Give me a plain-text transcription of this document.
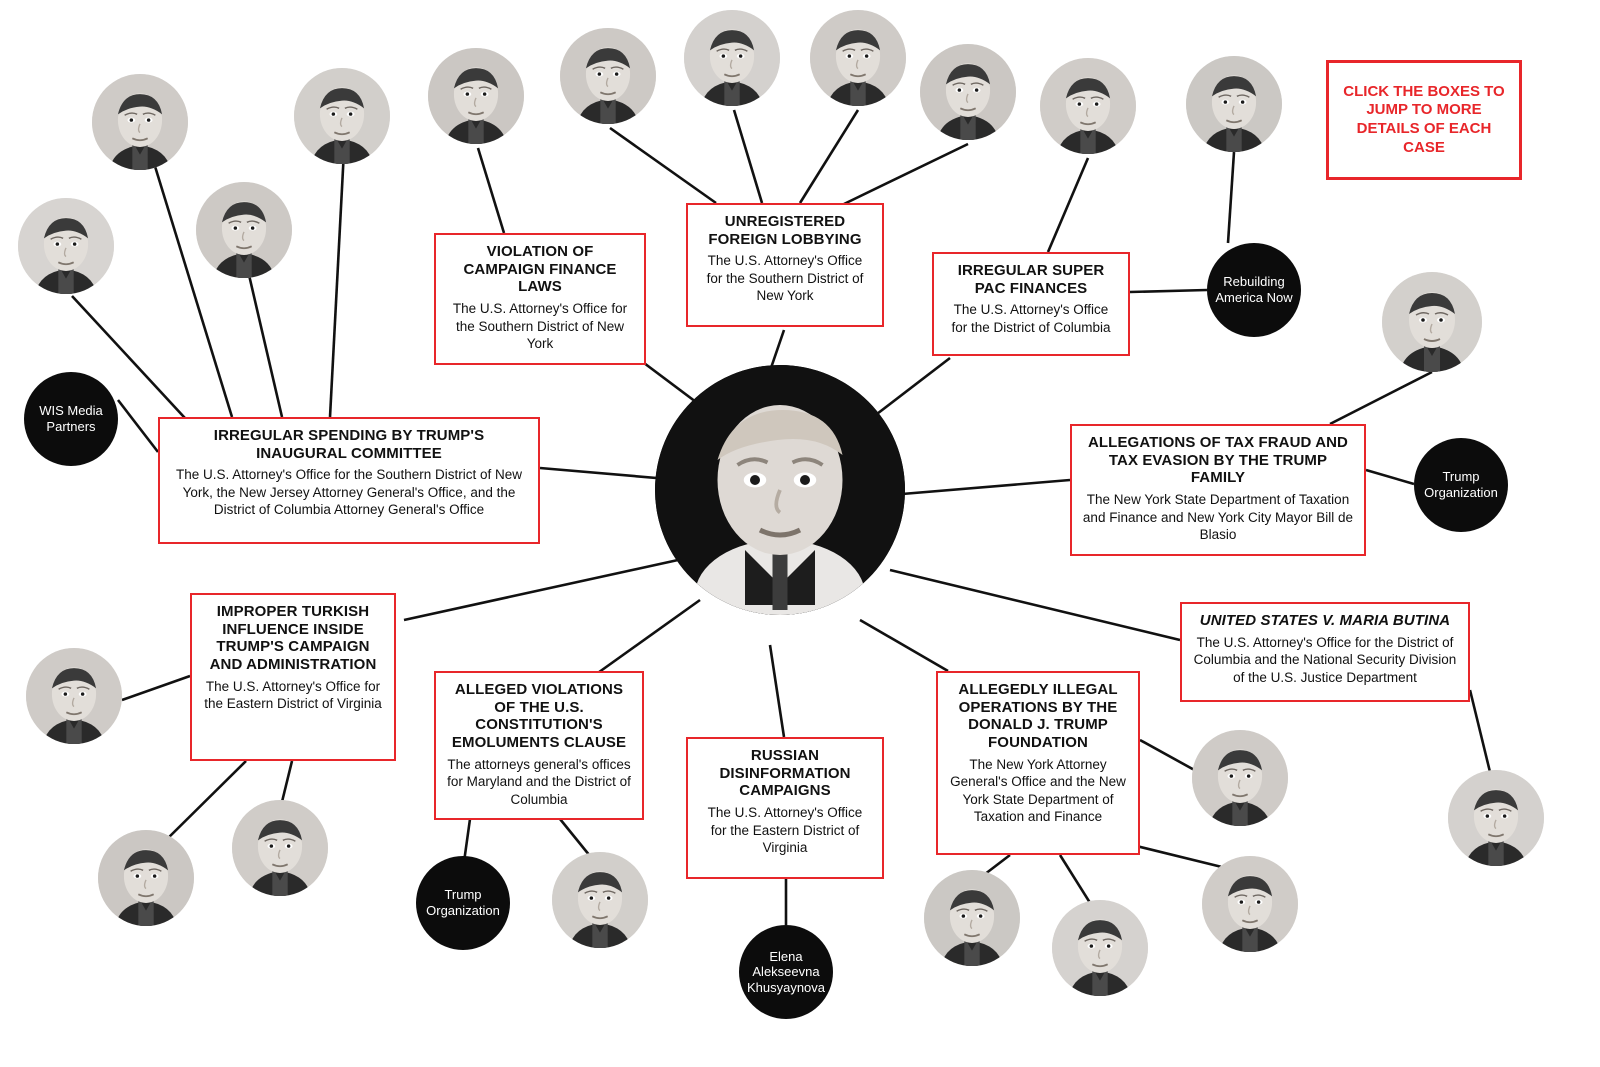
CLICK THE BOXES TO JUMP TO MORE DETAILS OF EACH CASE
VIOLATION OF CAMPAIGN FINANCE LAWS
The U.S. Attorney's Office for the Southern District of New York
UNREGISTERED FOREIGN LOBBYING
The U.S. Attorney's Office for the Southern District of New York
IRREGULAR SUPER PAC FINANCES
The U.S. Attorney's Office for the District of Columbia
ALLEGATIONS OF TAX FRAUD AND TAX EVASION BY THE TRUMP FAMILY
The New York State Department of Taxation and Finance and New York City Mayor Bill de Blasio
IRREGULAR SPENDING BY TRUMP'S INAUGURAL COMMITTEE
The U.S. Attorney's Office for the Southern District of New York, the New Jersey Attorney General's Office, and the District of Columbia Attorney General's Office
IMPROPER TURKISH INFLUENCE INSIDE TRUMP'S CAMPAIGN AND ADMINISTRATION
The U.S. Attorney's Office for the Eastern District of Virginia
ALLEGED VIOLATIONS OF THE U.S. CONSTITUTION'S EMOLUMENTS CLAUSE
The attorneys general's offices for Maryland and the District of Columbia
RUSSIAN DISINFORMATION CAMPAIGNS
The U.S. Attorney's Office for the Eastern District of Virginia
ALLEGEDLY ILLEGAL OPERATIONS BY THE DONALD J. TRUMP FOUNDATION
The New York Attorney General's Office and the New York State Department of Taxation and Finance
UNITED STATES V. MARIA BUTINA
The U.S. Attorney's Office for the District of Columbia and the National Security Division of the U.S. Justice Department
WIS Media Partners
Rebuilding America Now
Trump Organization
Trump Organization
Elena Alekseevna Khusyaynova
